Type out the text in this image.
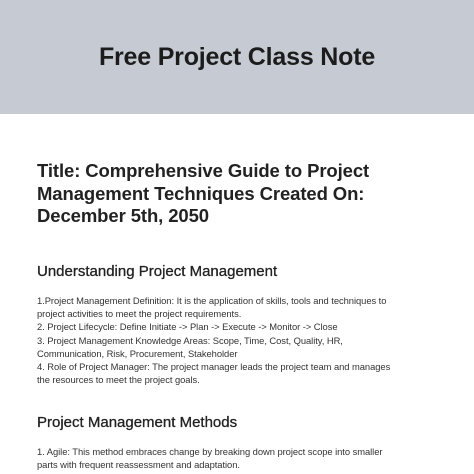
Free Project Class Note
Title: Comprehensive Guide to Project Management Techniques Created On: December 5th, 2050
Understanding Project Management
1.Project Management Definition: It is the application of skills, tools and techniques to
project activities to meet the project requirements.
2. Project Lifecycle: Define Initiate -> Plan -> Execute -> Monitor -> Close
3. Project Management Knowledge Areas: Scope, Time, Cost, Quality, HR,
Communication, Risk, Procurement, Stakeholder
4. Role of Project Manager: The project manager leads the project team and manages
the resources to meet the project goals.
Project Management Methods
1. Agile: This method embraces change by breaking down project scope into smaller
parts with frequent reassessment and adaptation.
